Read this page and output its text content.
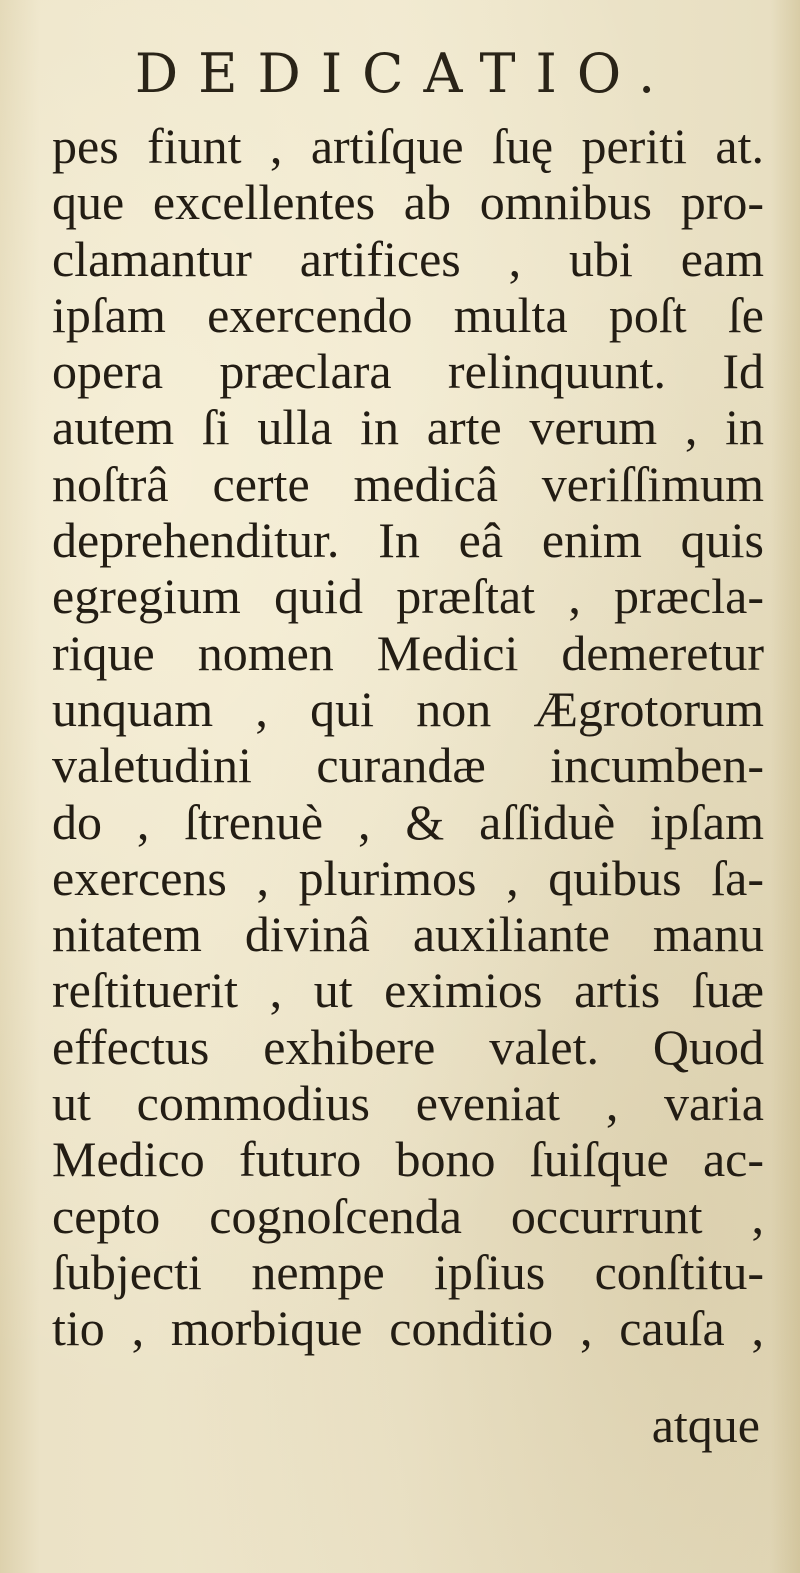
DEDICATIO.
pes fiunt , artiſque ſuę periti at.
que excellentes ab omnibus pro-
clamantur artifices , ubi eam
ipſam exercendo multa poſt ſe
opera præclara relinquunt. Id
autem ſi ulla in arte verum , in
noſtrâ certe medicâ veriſſimum
deprehenditur. In eâ enim quis
egregium quid præſtat , præcla-
rique nomen Medici demeretur
unquam , qui non Ægrotorum
valetudini curandæ incumben-
do , ſtrenuè , & aſſiduè ipſam
exercens , plurimos , quibus ſa-
nitatem divinâ auxiliante manu
reſtituerit , ut eximios artis ſuæ
effectus exhibere valet. Quod
ut commodius eveniat , varia
Medico futuro bono ſuiſque ac-
cepto cognoſcenda occurrunt ,
ſubjecti nempe ipſius conſtitu-
tio , morbique conditio , cauſa ,
atque
